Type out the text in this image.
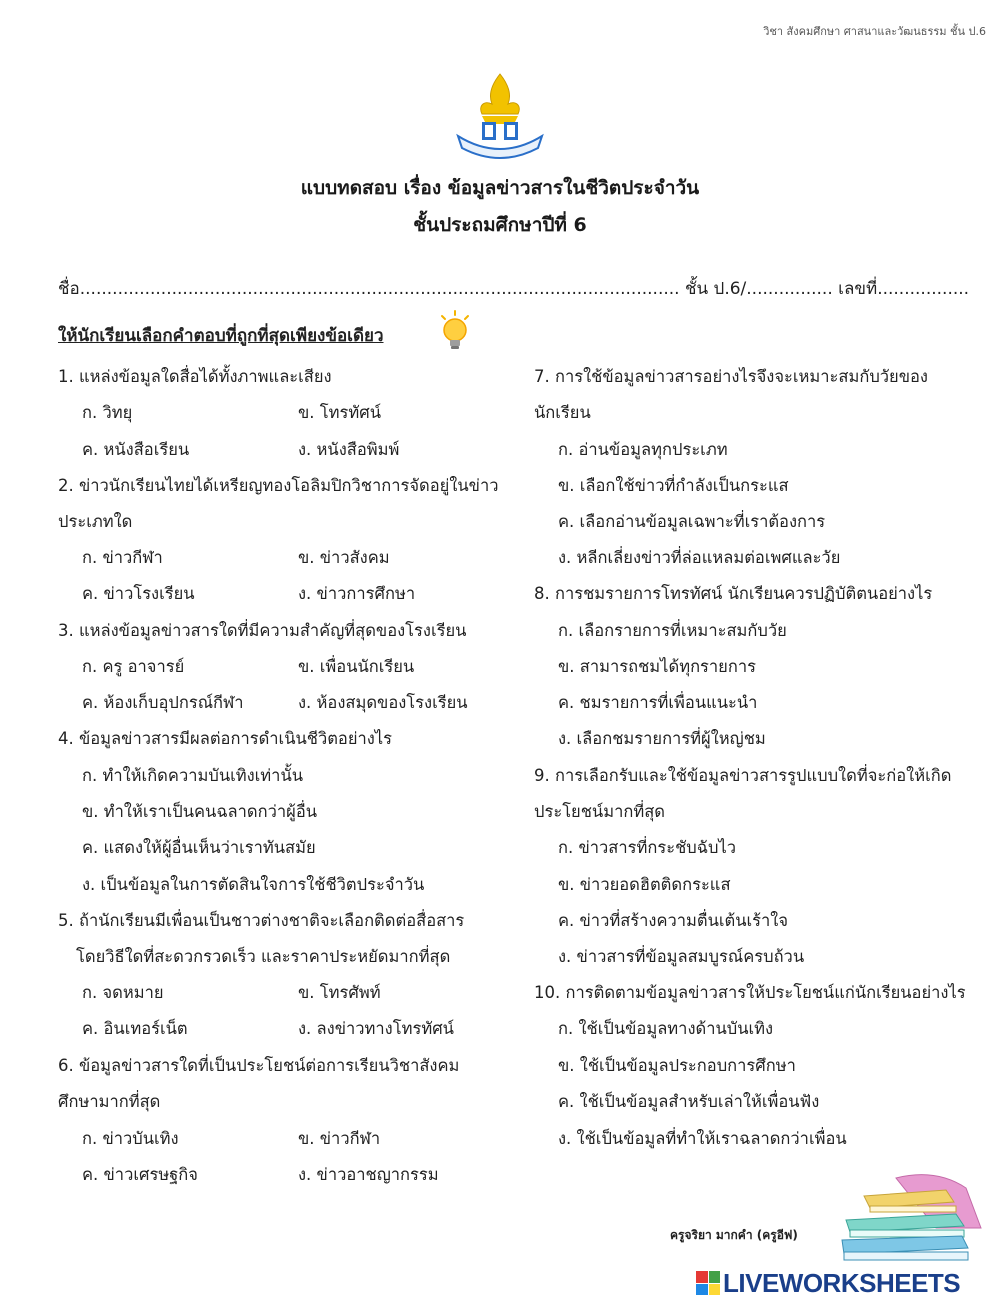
วิชา สังคมศึกษา ศาสนาและวัฒนธรรม ชั้น ป.6
แบบทดสอบ เรื่อง ข้อมูลข่าวสารในชีวิตประจำวัน
ชั้นประถมศึกษาปีที่ 6
ชื่อ............................................................................................................... ชั้น ป.6/................ เลขที่.................
ให้นักเรียนเลือกคำตอบที่ถูกที่สุดเพียงข้อเดียว
1. แหล่งข้อมูลใดสื่อได้ทั้งภาพและเสียง
ก. วิทยุ	ข. โทรทัศน์
ค. หนังสือเรียน	ง. หนังสือพิมพ์
2. ข่าวนักเรียนไทยได้เหรียญทองโอลิมปิกวิชาการจัดอยู่ในข่าว
ประเภทใด
ก. ข่าวกีฬา	ข. ข่าวสังคม
ค. ข่าวโรงเรียน	ง. ข่าวการศึกษา
3. แหล่งข้อมูลข่าวสารใดที่มีความสำคัญที่สุดของโรงเรียน
ก. ครู อาจารย์	ข. เพื่อนนักเรียน
ค. ห้องเก็บอุปกรณ์กีฬา	ง. ห้องสมุดของโรงเรียน
4. ข้อมูลข่าวสารมีผลต่อการดำเนินชีวิตอย่างไร
ก. ทำให้เกิดความบันเทิงเท่านั้น
ข. ทำให้เราเป็นคนฉลาดกว่าผู้อื่น
ค. แสดงให้ผู้อื่นเห็นว่าเราทันสมัย
ง. เป็นข้อมูลในการตัดสินใจการใช้ชีวิตประจำวัน
5. ถ้านักเรียนมีเพื่อนเป็นชาวต่างชาติจะเลือกติดต่อสื่อสาร
โดยวิธีใดที่สะดวกรวดเร็ว และราคาประหยัดมากที่สุด
ก. จดหมาย	ข. โทรศัพท์
ค. อินเทอร์เน็ต	ง. ลงข่าวทางโทรทัศน์
6. ข้อมูลข่าวสารใดที่เป็นประโยชน์ต่อการเรียนวิชาสังคม
ศึกษามากที่สุด
ก. ข่าวบันเทิง	ข. ข่าวกีฬา
ค. ข่าวเศรษฐกิจ	ง. ข่าวอาชญากรรม
7. การใช้ข้อมูลข่าวสารอย่างไรจึงจะเหมาะสมกับวัยของ
นักเรียน
ก. อ่านข้อมูลทุกประเภท
ข. เลือกใช้ข่าวที่กำลังเป็นกระแส
ค. เลือกอ่านข้อมูลเฉพาะที่เราต้องการ
ง. หลีกเลี่ยงข่าวที่ล่อแหลมต่อเพศและวัย
8. การชมรายการโทรทัศน์ นักเรียนควรปฏิบัติตนอย่างไร
ก. เลือกรายการที่เหมาะสมกับวัย
ข. สามารถชมได้ทุกรายการ
ค. ชมรายการที่เพื่อนแนะนำ
ง. เลือกชมรายการที่ผู้ใหญ่ชม
9. การเลือกรับและใช้ข้อมูลข่าวสารรูปแบบใดที่จะก่อให้เกิด
ประโยชน์มากที่สุด
ก. ข่าวสารที่กระชับฉับไว
ข. ข่าวยอดฮิตติดกระแส
ค. ข่าวที่สร้างความตื่นเต้นเร้าใจ
ง. ข่าวสารที่ข้อมูลสมบูรณ์ครบถ้วน
10. การติดตามข้อมูลข่าวสารให้ประโยชน์แก่นักเรียนอย่างไร
ก. ใช้เป็นข้อมูลทางด้านบันเทิง
ข. ใช้เป็นข้อมูลประกอบการศึกษา
ค. ใช้เป็นข้อมูลสำหรับเล่าให้เพื่อนฟัง
ง. ใช้เป็นข้อมูลที่ทำให้เราฉลาดกว่าเพื่อน
ครูจริยา มากคำ (ครูอีฟ)
LIVEWORKSHEETS
